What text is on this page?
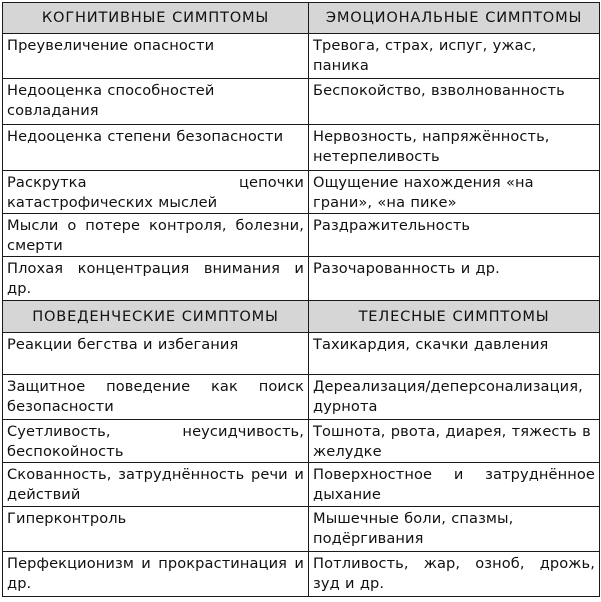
КОГНИТИВНЫЕ СИМПТОМЫ	ЭМОЦИОНАЛЬНЫЕ СИМПТОМЫ
Преувеличение опасности	Тревога, страх, испуг, ужас, паника
Недооценка способностей совладания	Беспокойство, взволнованность
Недооценка степени безопасности	Нервозность, напряжённость, нетерпеливость
Раскрутка цепочки катастрофических мыслей	Ощущение нахождения «на грани», «на пике»
Мысли о потере контроля, болезни, смерти	Раздражительность
Плохая концентрация внимания и др.	Разочарованность и др.
ПОВЕДЕНЧЕСКИЕ СИМПТОМЫ	ТЕЛЕСНЫЕ СИМПТОМЫ
Реакции бегства и избегания	Тахикардия, скачки давления
Защитное поведение как поиск безопасности	Дереализация/деперсонализация, дурнота
Суетливость, неусидчивость, беспокойность	Тошнота, рвота, диарея, тяжесть в желудке
Скованность, затруднённость речи и действий	Поверхностное и затруднённое дыхание
Гиперконтроль	Мышечные боли, спазмы, подёргивания
Перфекционизм и прокрастинация и др.	Потливость, жар, озноб, дрожь, зуд и др.
